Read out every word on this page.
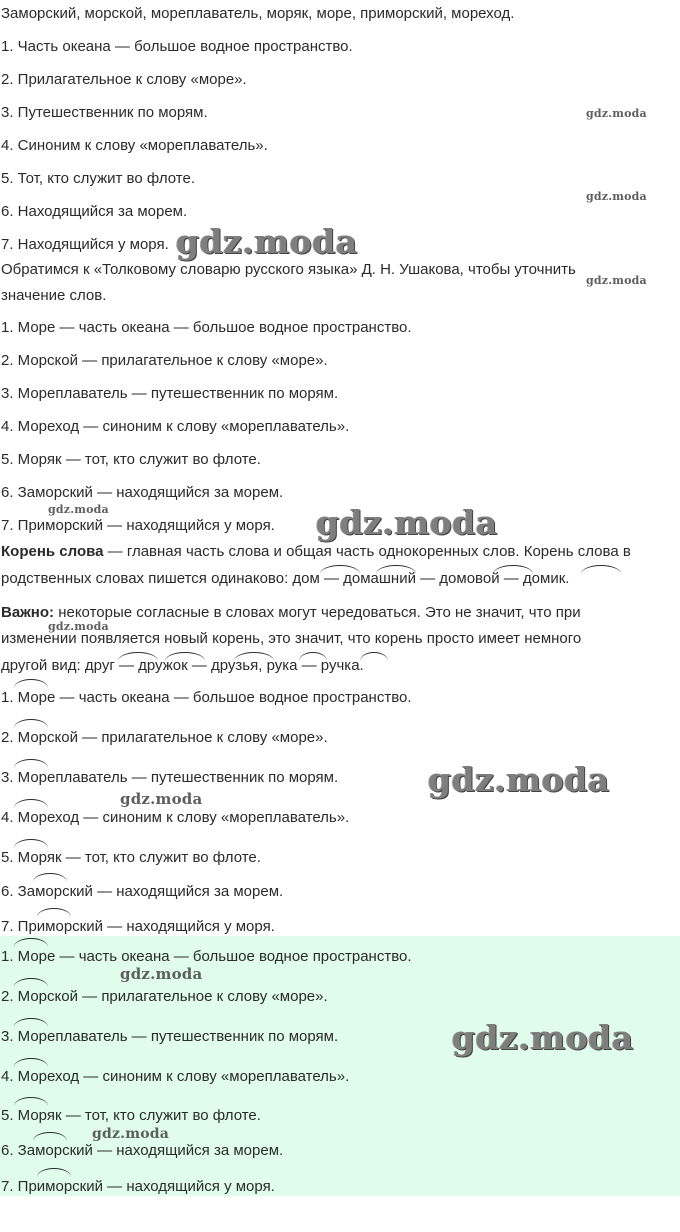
Заморский, морской, мореплаватель, моряк, море, приморский, мореход.
1. Часть океана — большое водное пространство.
2. Прилагательное к слову «море».
3. Путешественник по морям.
4. Синоним к слову «мореплаватель».
5. Тот, кто служит во флоте.
6. Находящийся за морем.
7. Находящийся у моря.
Обратимся к «Толковому словарю русского языка» Д. Н. Ушакова, чтобы уточнить
значение слов.
1. Море — часть океана — большое водное пространство.
2. Морской — прилагательное к слову «море».
3. Мореплаватель — путешественник по морям.
4. Мореход — синоним к слову «мореплаватель».
5. Моряк — тот, кто служит во флоте.
6. Заморский — находящийся за морем.
7. Приморский — находящийся у моря.
Корень слова — главная часть слова и общая часть однокоренных слов. Корень слова в
родственных словах пишется одинаково: дом — домашний — домовой — домик.
Важно: некоторые согласные в словах могут чередоваться. Это не значит, что при
изменении появляется новый корень, это значит, что корень просто имеет немного
другой вид: друг — дружок — друзья, рука — ручка.
1. Море — часть океана — большое водное пространство.
2. Морской — прилагательное к слову «море».
3. Мореплаватель — путешественник по морям.
4. Мореход — синоним к слову «мореплаватель».
5. Моряк — тот, кто служит во флоте.
6. Заморский — находящийся за морем.
7. Приморский — находящийся у моря.
1. Море — часть океана — большое водное пространство.
2. Морской — прилагательное к слову «море».
3. Мореплаватель — путешественник по морям.
4. Мореход — синоним к слову «мореплаватель».
5. Моряк — тот, кто служит во флоте.
6. Заморский — находящийся за морем.
7. Приморский — находящийся у моря.
gdz.moda
gdz.moda
gdz.moda
gdz.moda
gdz.moda	gdz.moda
gdz.moda
gdz.moda
gdz.moda
gdz.moda
gdz.moda
gdz.moda
